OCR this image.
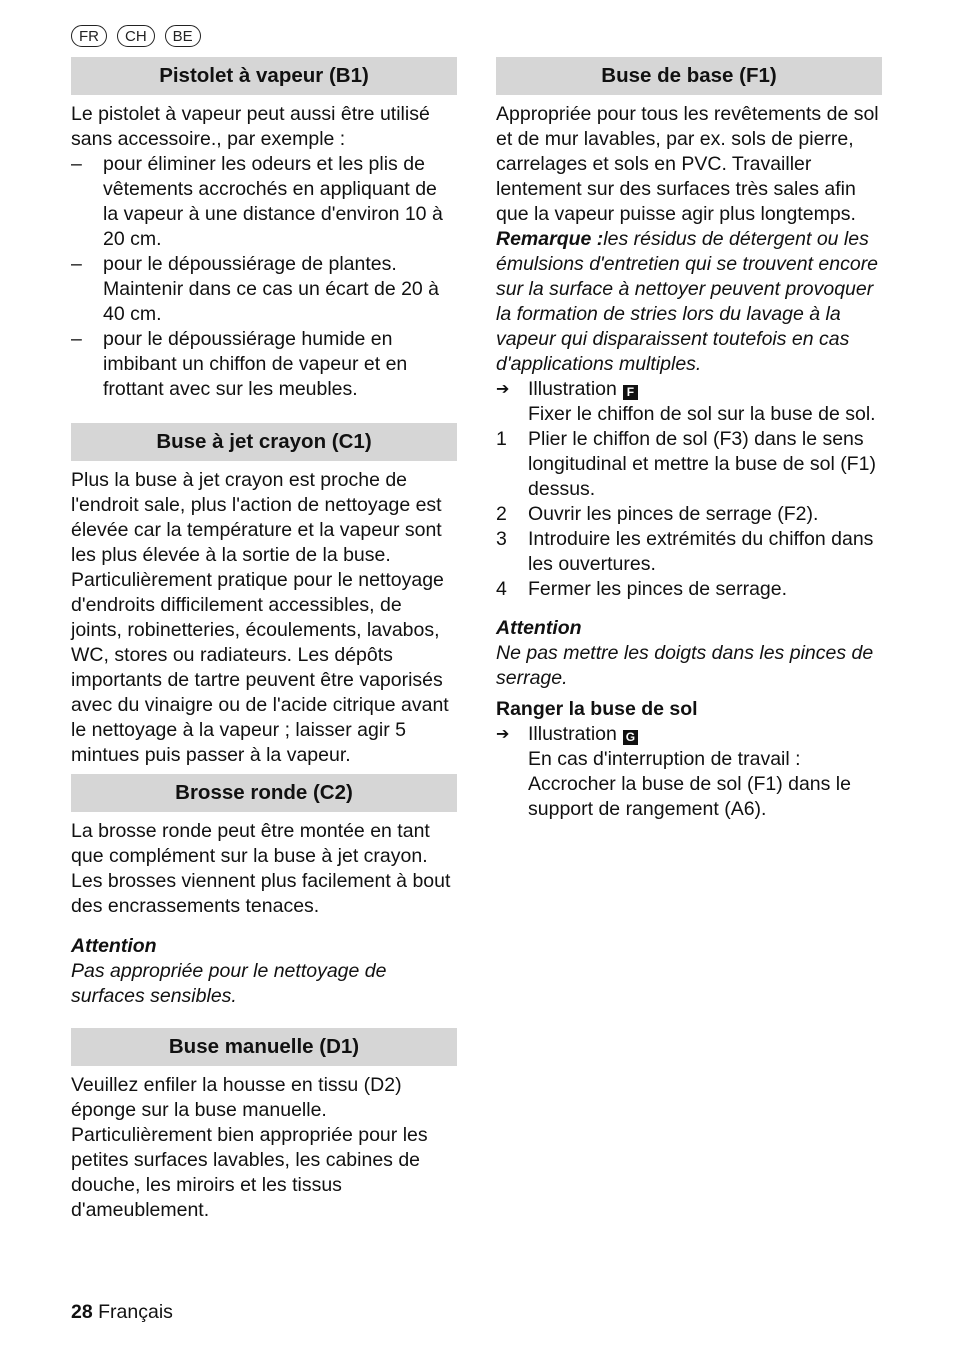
FR	CH	BE
Pistolet à vapeur (B1)

Le pistolet à vapeur peut aussi être utilisé sans accessoire., par exemple :

– pour éliminer les odeurs et les plis de vêtements accrochés en appliquant de la vapeur à une distance d'environ 10 à 20 cm.
– pour le dépoussiérage de plantes. Maintenir dans ce cas un écart de 20 à 40 cm.
– pour le dépoussiérage humide en imbibant un chiffon de vapeur et en frottant avec sur les meubles.
Buse à jet crayon (C1)

Plus la buse à jet crayon est proche de l'endroit sale, plus l'action de nettoyage est élevée car la température et la vapeur sont les plus élevée à la sortie de la buse. Particulièrement pratique pour le nettoyage d'endroits difficilement accessibles, de joints, robinetteries, écoulements, lavabos, WC, stores ou radiateurs. Les dépôts importants de tartre peuvent être vaporisés avec du vinaigre ou de l'acide citrique avant le nettoyage à la vapeur ; laisser agir 5 mintues puis passer à la vapeur.

Brosse ronde (C2)

La brosse ronde peut être montée en tant que complément sur la buse à jet crayon. Les brosses viennent plus facilement à bout des encrassements tenaces.

Attention

Pas appropriée pour le nettoyage de surfaces sensibles.

Buse manuelle (D1)

Veuillez enfiler la housse en tissu (D2) éponge sur la buse manuelle. Particulièrement bien appropriée pour les petites surfaces lavables, les cabines de douche, les miroirs et les tissus d'ameublement.

Buse de base (F1)

Appropriée pour tous les revêtements de sol et de mur lavables, par ex. sols de pierre, carrelages et sols en PVC. Travailler lentement sur des surfaces très sales afin que la vapeur puisse agir plus longtemps.

Remarque :les résidus de détergent ou les émulsions d'entretien qui se trouvent encore sur la surface à nettoyer peuvent provoquer la formation de stries lors du lavage à la vapeur qui disparaissent toutefois en cas d'applications multiples.

➔ Illustration F

Fixer le chiffon de sol sur la buse de sol.

1 Plier le chiffon de sol (F3) dans le sens longitudinal et mettre la buse de sol (F1) dessus.
2 Ouvrir les pinces de serrage (F2).
3 Introduire les extrémités du chiffon dans les ouvertures.
4 Fermer les pinces de serrage.

Attention

Ne pas mettre les doigts dans les pinces de serrage.

Ranger la buse de sol

➔ Illustration G

En cas d'interruption de travail :

Accrocher la buse de sol (F1) dans le support de rangement (A6).

28 Français
